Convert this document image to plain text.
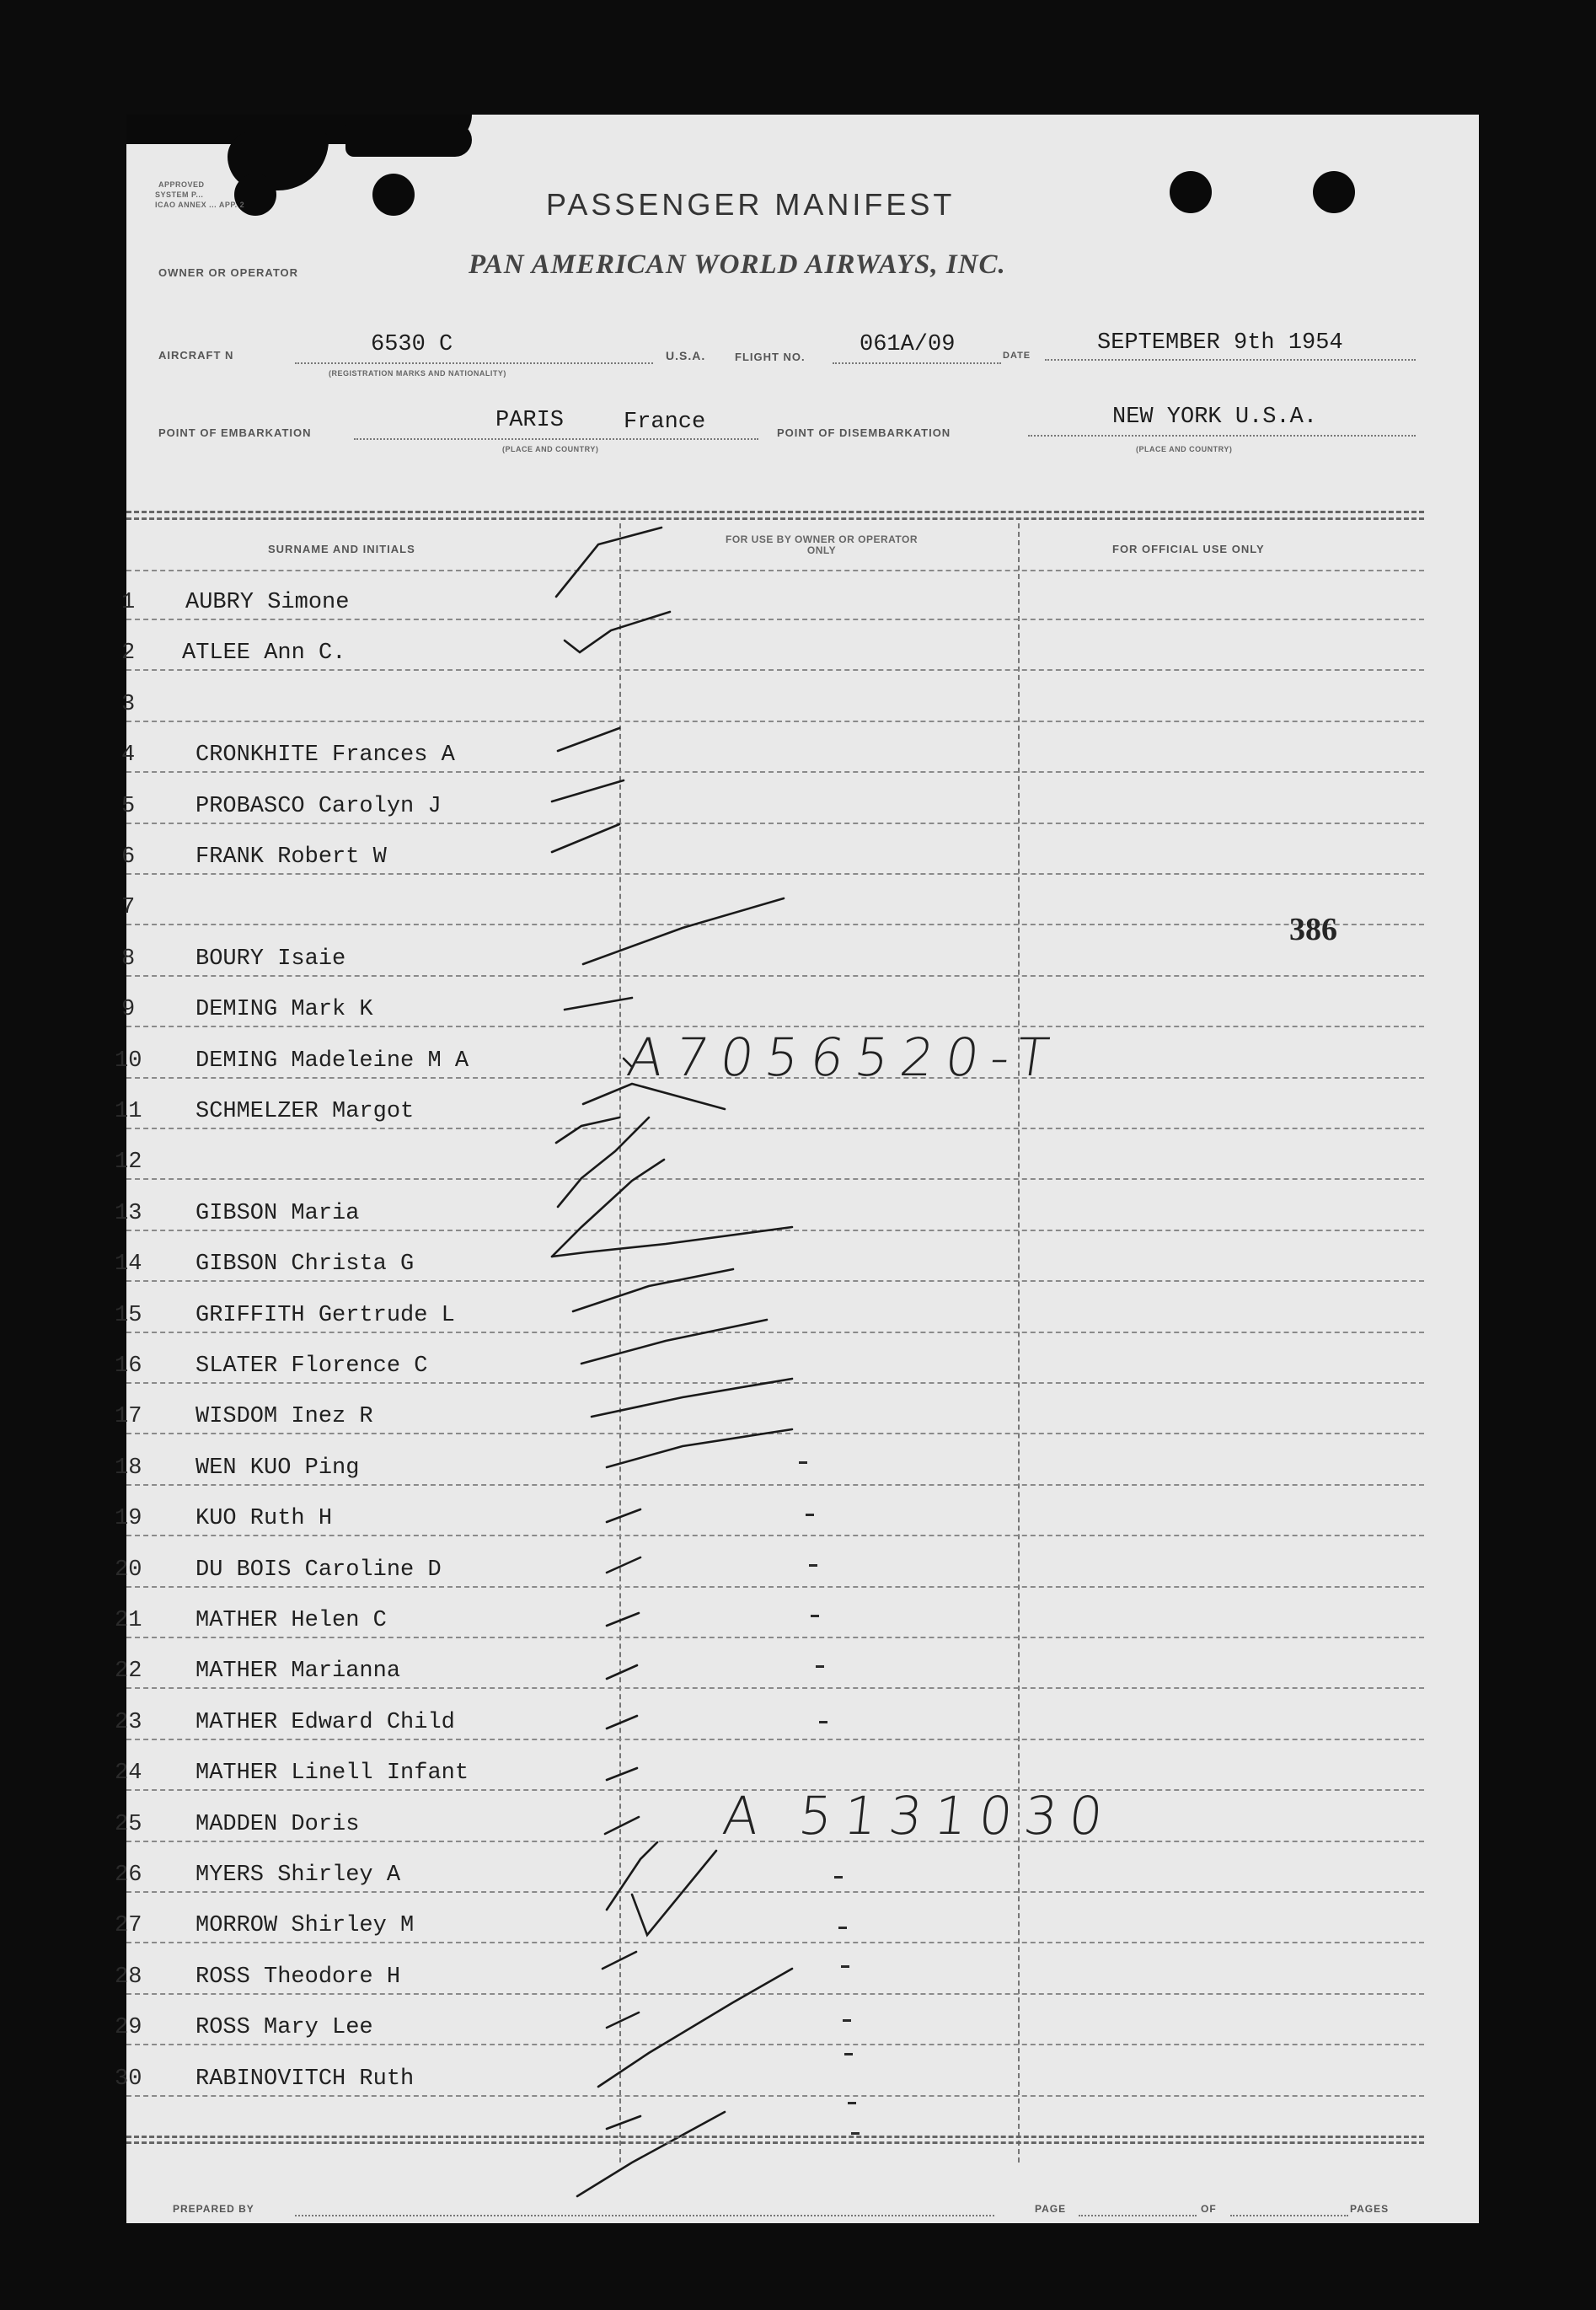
APPROVED
SYSTEM P...
ICAO ANNEX ... APP. 2	PASSENGER MANIFEST
OWNER OR OPERATOR	PAN AMERICAN WORLD AIRWAYS, INC.
AIRCRAFT N	6530 C
(REGISTRATION MARKS AND NATIONALITY)
U.S.A.	FLIGHT NO. 061A/09	DATE	SEPTEMBER 9th 1954
POINT OF EMBARKATION	PARIS	France
(PLACE AND COUNTRY)
POINT OF DISEMBARKATION
NEW YORK U.S.A.
(PLACE AND COUNTRY)
SURNAME AND INITIALS
FOR USE BY OWNER OR OPERATOR ONLY	FOR OFFICIAL USE ONLY
1 AUBRY Simone
2 ATLEE Ann C.
3
4	CRONKHITE Frances A
5	PROBASCO Carolyn J
6	FRANK Robert W
7
8	BOURY Isaie
9	DEMING Mark K
10 DEMING Madeleine M A
11 SCHMELZER Margot
12
13 GIBSON Maria
14 GIBSON Christa G
15 GRIFFITH Gertrude L
16 SLATER Florence C
17 WISDOM Inez R
18 WEN KUO Ping
19 KUO Ruth H
20 DU BOIS Caroline D
21 MATHER Helen C
22 MATHER Marianna
23 MATHER Edward Child
24 MATHER Linell Infant
25 MADDEN Doris
26 MYERS Shirley A
27 MORROW Shirley M
28 ROSS Theodore H
29 ROSS Mary Lee
30 RABINOVITCH Ruth
A7056520-T
A 5131030
386
PREPARED BY	PAGE	OF	PAGES
